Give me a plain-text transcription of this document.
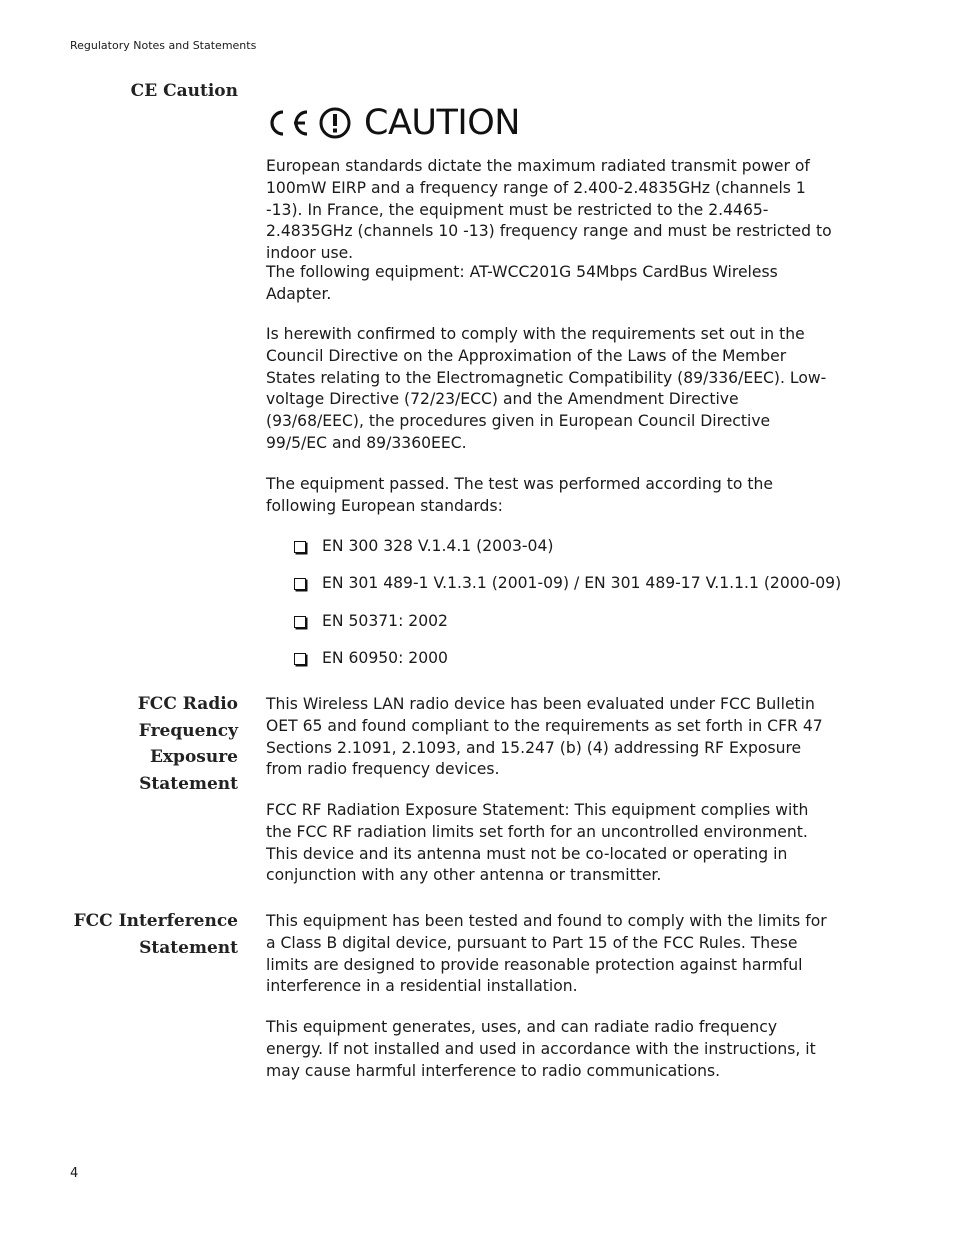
Regulatory Notes and Statements
CE Caution
CAUTION

European standards dictate the maximum radiated transmit power of 100mW EIRP and a frequency range of 2.400-2.4835GHz (channels 1 -13). In France, the equipment must be restricted to the 2.4465-2.4835GHz (channels 10 -13) frequency range and must be restricted to indoor use.

The following equipment: AT-WCC201G 54Mbps CardBus Wireless Adapter.

Is herewith confirmed to comply with the requirements set out in the Council Directive on the Approximation of the Laws of the Member States relating to the Electromagnetic Compatibility (89/336/EEC). Low-voltage Directive (72/23/ECC) and the Amendment Directive (93/68/EEC), the procedures given in European Council Directive 99/5/EC and 89/3360EEC.

The equipment passed. The test was performed according to the following European standards:

EN 300 328 V.1.4.1 (2003-04)
EN 301 489-1 V.1.3.1 (2001-09) / EN 301 489-17 V.1.1.1 (2000-09)
EN 50371: 2002
EN 60950: 2000
FCC Radio
Frequency
Exposure
Statement

This Wireless LAN radio device has been evaluated under FCC Bulletin OET 65 and found compliant to the requirements as set forth in CFR 47 Sections 2.1091, 2.1093, and 15.247 (b) (4) addressing RF Exposure from radio frequency devices.

FCC RF Radiation Exposure Statement: This equipment complies with the FCC RF radiation limits set forth for an uncontrolled environment. This device and its antenna must not be co-located or operating in conjunction with any other antenna or transmitter.

FCC Interference
Statement

This equipment has been tested and found to comply with the limits for a Class B digital device, pursuant to Part 15 of the FCC Rules. These limits are designed to provide reasonable protection against harmful interference in a residential installation.

This equipment generates, uses, and can radiate radio frequency energy. If not installed and used in accordance with the instructions, it may cause harmful interference to radio communications.

4
